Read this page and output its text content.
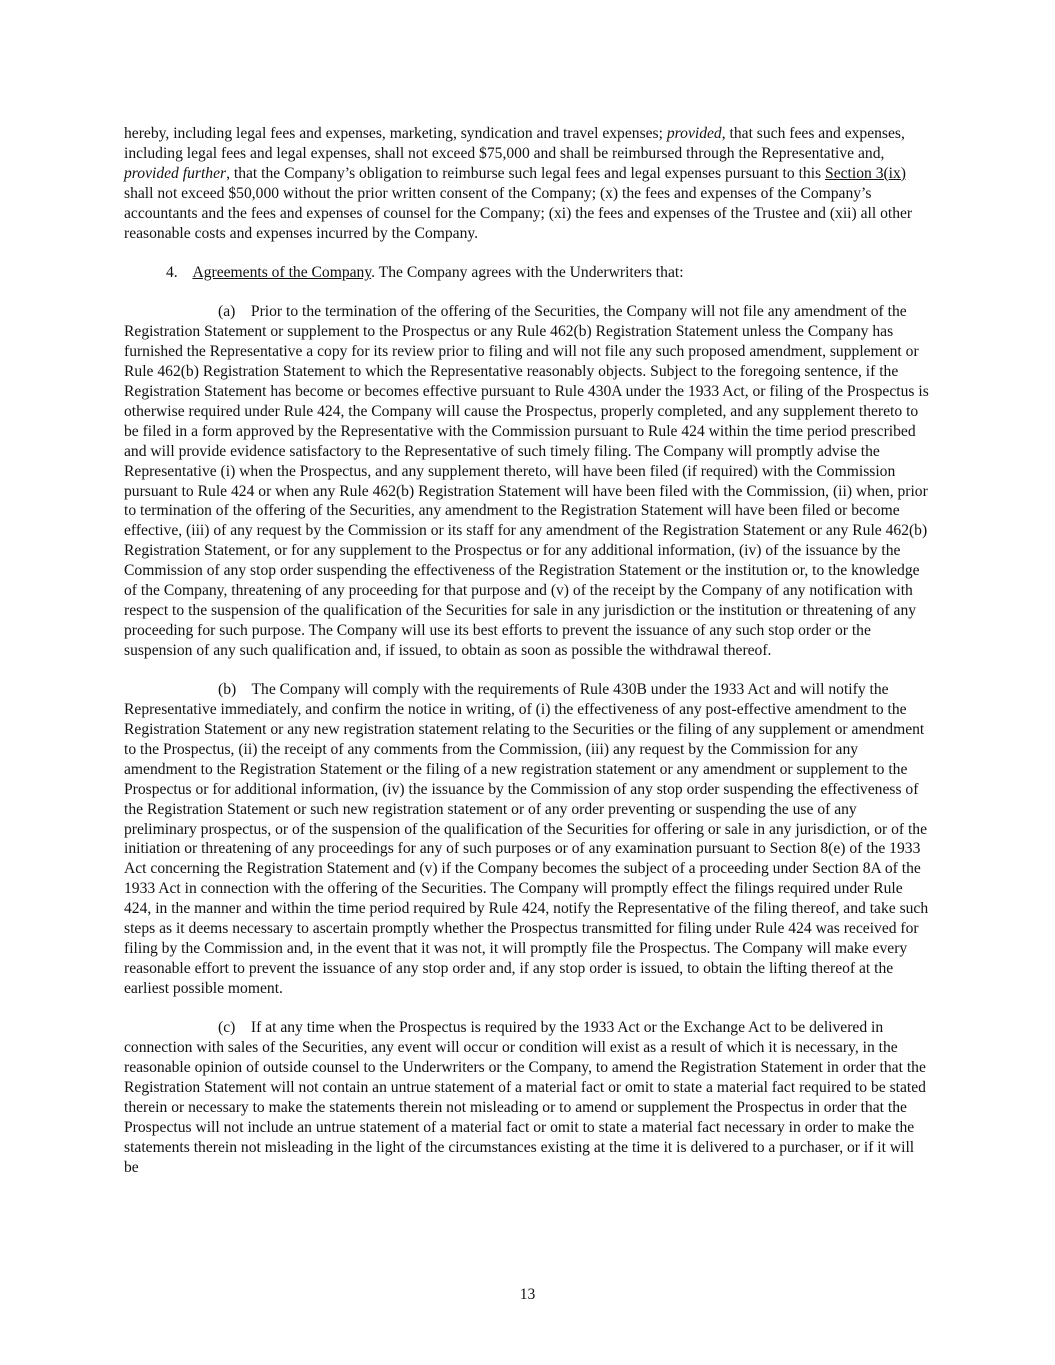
hereby, including legal fees and expenses, marketing, syndication and travel expenses; provided, that such fees and expenses, including legal fees and legal expenses, shall not exceed $75,000 and shall be reimbursed through the Representative and, provided further, that the Company’s obligation to reimburse such legal fees and legal expenses pursuant to this Section 3(ix) shall not exceed $50,000 without the prior written consent of the Company; (x) the fees and expenses of the Company’s accountants and the fees and expenses of counsel for the Company; (xi) the fees and expenses of the Trustee and (xii) all other reasonable costs and expenses incurred by the Company.

4. Agreements of the Company. The Company agrees with the Underwriters that:

(a) Prior to the termination of the offering of the Securities, the Company will not file any amendment of the Registration Statement or supplement to the Prospectus or any Rule 462(b) Registration Statement unless the Company has furnished the Representative a copy for its review prior to filing and will not file any such proposed amendment, supplement or Rule 462(b) Registration Statement to which the Representative reasonably objects. Subject to the foregoing sentence, if the Registration Statement has become or becomes effective pursuant to Rule 430A under the 1933 Act, or filing of the Prospectus is otherwise required under Rule 424, the Company will cause the Prospectus, properly completed, and any supplement thereto to be filed in a form approved by the Representative with the Commission pursuant to Rule 424 within the time period prescribed and will provide evidence satisfactory to the Representative of such timely filing. The Company will promptly advise the Representative (i) when the Prospectus, and any supplement thereto, will have been filed (if required) with the Commission pursuant to Rule 424 or when any Rule 462(b) Registration Statement will have been filed with the Commission, (ii) when, prior to termination of the offering of the Securities, any amendment to the Registration Statement will have been filed or become effective, (iii) of any request by the Commission or its staff for any amendment of the Registration Statement or any Rule 462(b) Registration Statement, or for any supplement to the Prospectus or for any additional information, (iv) of the issuance by the Commission of any stop order suspending the effectiveness of the Registration Statement or the institution or, to the knowledge of the Company, threatening of any proceeding for that purpose and (v) of the receipt by the Company of any notification with respect to the suspension of the qualification of the Securities for sale in any jurisdiction or the institution or threatening of any proceeding for such purpose. The Company will use its best efforts to prevent the issuance of any such stop order or the suspension of any such qualification and, if issued, to obtain as soon as possible the withdrawal thereof.

(b) The Company will comply with the requirements of Rule 430B under the 1933 Act and will notify the Representative immediately, and confirm the notice in writing, of (i) the effectiveness of any post-effective amendment to the Registration Statement or any new registration statement relating to the Securities or the filing of any supplement or amendment to the Prospectus, (ii) the receipt of any comments from the Commission, (iii) any request by the Commission for any amendment to the Registration Statement or the filing of a new registration statement or any amendment or supplement to the Prospectus or for additional information, (iv) the issuance by the Commission of any stop order suspending the effectiveness of the Registration Statement or such new registration statement or of any order preventing or suspending the use of any preliminary prospectus, or of the suspension of the qualification of the Securities for offering or sale in any jurisdiction, or of the initiation or threatening of any proceedings for any of such purposes or of any examination pursuant to Section 8(e) of the 1933 Act concerning the Registration Statement and (v) if the Company becomes the subject of a proceeding under Section 8A of the 1933 Act in connection with the offering of the Securities. The Company will promptly effect the filings required under Rule 424, in the manner and within the time period required by Rule 424, notify the Representative of the filing thereof, and take such steps as it deems necessary to ascertain promptly whether the Prospectus transmitted for filing under Rule 424 was received for filing by the Commission and, in the event that it was not, it will promptly file the Prospectus. The Company will make every reasonable effort to prevent the issuance of any stop order and, if any stop order is issued, to obtain the lifting thereof at the earliest possible moment.

(c) If at any time when the Prospectus is required by the 1933 Act or the Exchange Act to be delivered in connection with sales of the Securities, any event will occur or condition will exist as a result of which it is necessary, in the reasonable opinion of outside counsel to the Underwriters or the Company, to amend the Registration Statement in order that the Registration Statement will not contain an untrue statement of a material fact or omit to state a material fact required to be stated therein or necessary to make the statements therein not misleading or to amend or supplement the Prospectus in order that the Prospectus will not include an untrue statement of a material fact or omit to state a material fact necessary in order to make the statements therein not misleading in the light of the circumstances existing at the time it is delivered to a purchaser, or if it will be

13
